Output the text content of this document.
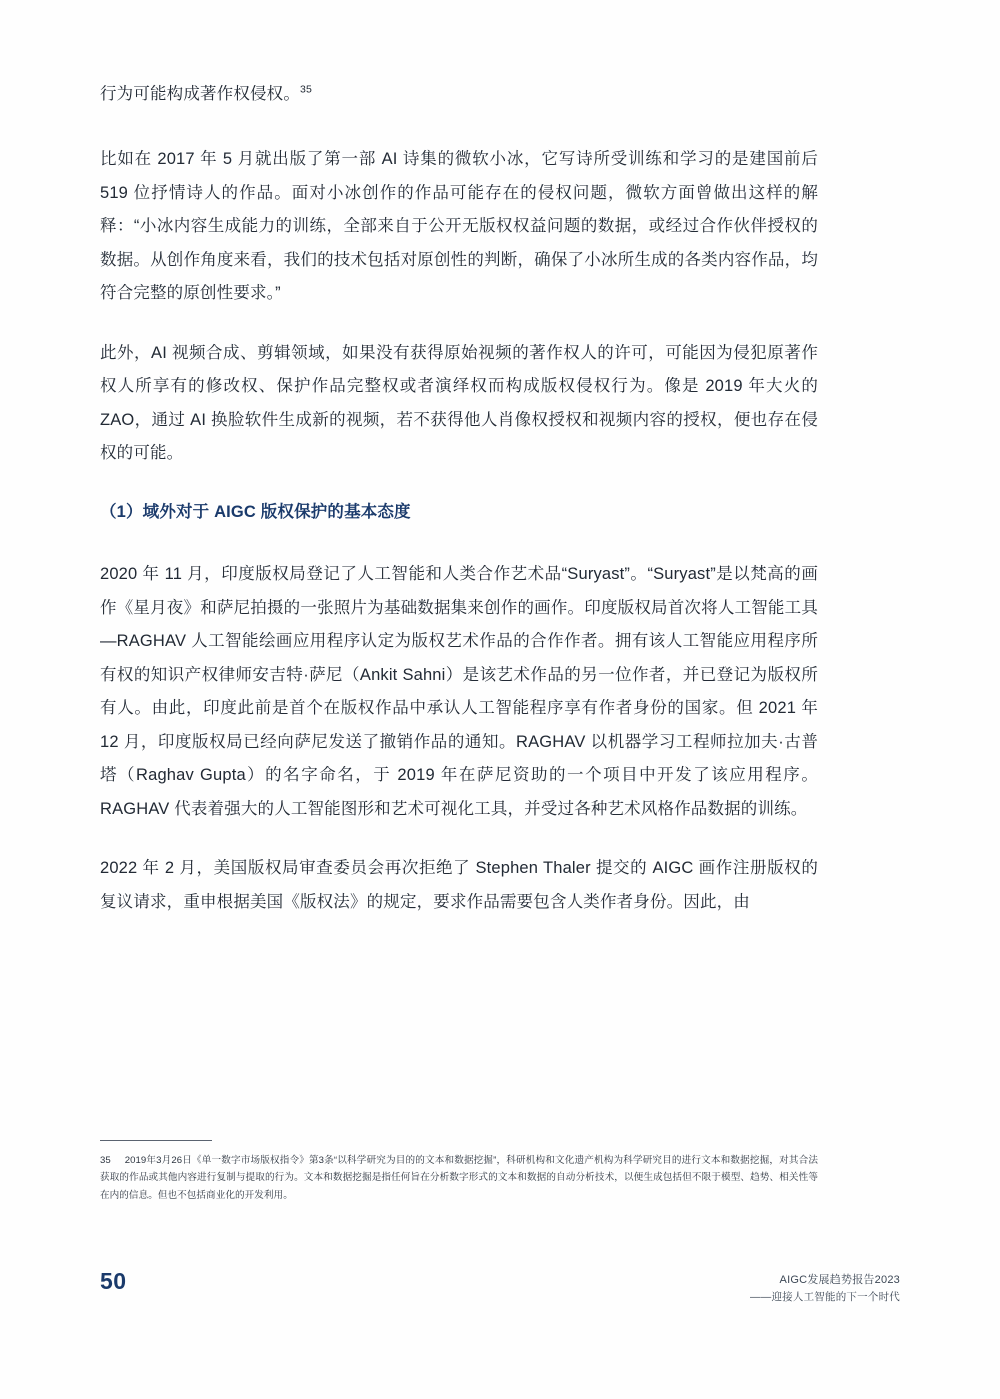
行为可能构成著作权侵权。$^{35}$

比如在 2017 年 5 月就出版了第一部 AI 诗集的微软小冰，它写诗所受训练和学习的是建国前后 519 位抒情诗人的作品。面对小冰创作的作品可能存在的侵权问题，微软方面曾做出这样的解释：“小冰内容生成能力的训练，全部来自于公开无版权权益问题的数据，或经过合作伙伴授权的数据。从创作角度来看，我们的技术包括对原创性的判断，确保了小冰所生成的各类内容作品，均符合完整的原创性要求。”

此外，AI 视频合成、剪辑领域，如果没有获得原始视频的著作权人的许可，可能因为侵犯原著作权人所享有的修改权、保护作品完整权或者演绎权而构成版权侵权行为。像是 2019 年大火的 ZAO，通过 AI 换脸软件生成新的视频，若不获得他人肖像权授权和视频内容的授权，便也存在侵权的可能。

（1）域外对于 AIGC 版权保护的基本态度

2020 年 11 月，印度版权局登记了人工智能和人类合作艺术品“Suryast”。“Suryast”是以梵高的画作《星月夜》和萨尼拍摄的一张照片为基础数据集来创作的画作。印度版权局首次将人工智能工具—RAGHAV 人工智能绘画应用程序认定为版权艺术作品的合作作者。拥有该人工智能应用程序所有权的知识产权律师安吉特·萨尼（Ankit Sahni）是该艺术作品的另一位作者，并已登记为版权所有人。由此，印度此前是首个在版权作品中承认人工智能程序享有作者身份的国家。但 2021 年 12 月，印度版权局已经向萨尼发送了撤销作品的通知。RAGHAV 以机器学习工程师拉加夫·古普塔（Raghav Gupta）的名字命名，于 2019 年在萨尼资助的一个项目中开发了该应用程序。RAGHAV 代表着强大的人工智能图形和艺术可视化工具，并受过各种艺术风格作品数据的训练。

2022 年 2 月，美国版权局审查委员会再次拒绝了 Stephen Thaler 提交的 AIGC 画作注册版权的复议请求，重申根据美国《版权法》的规定，要求作品需要包含人类作者身份。因此，由

35 2019年3月26日《单一数字市场版权指令》第3条“以科学研究为目的的文本和数据挖掘”，科研机构和文化遗产机构为科学研究目的进行文本和数据挖掘，对其合法获取的作品或其他内容进行复制与提取的行为。文本和数据挖掘是指任何旨在分析数字形式的文本和数据的自动分析技术，以便生成包括但不限于模型、趋势、相关性等在内的信息。但也不包括商业化的开发利用。
50	AIGC发展趋势报告2023
——迎接人工智能的下一个时代
